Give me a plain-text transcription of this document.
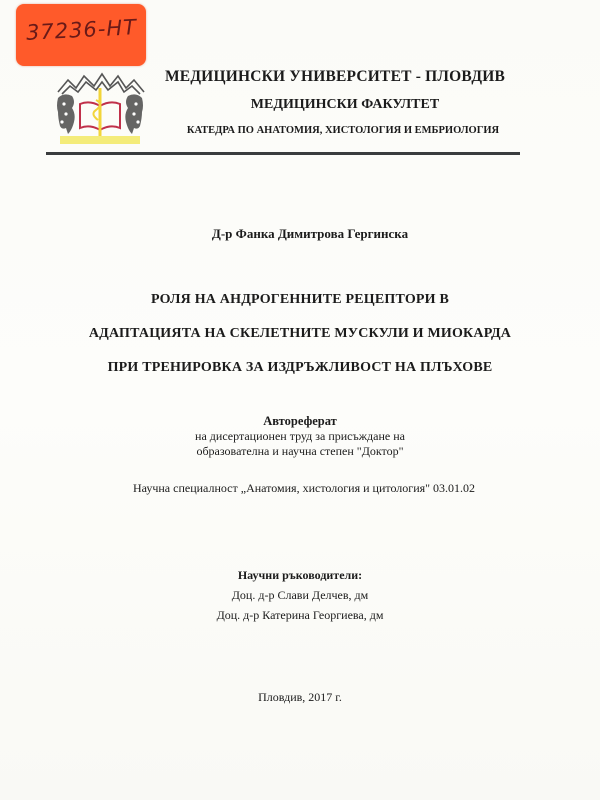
37236-НТ
МЕДИЦИНСКИ УНИВЕРСИТЕТ - ПЛОВДИВ
МЕДИЦИНСКИ ФАКУЛТЕТ
КАТЕДРА ПО АНАТОМИЯ, ХИСТОЛОГИЯ И ЕМБРИОЛОГИЯ
Д-р Фанка Димитрова Гергинска
РОЛЯ НА АНДРОГЕННИТЕ РЕЦЕПТОРИ В
АДАПТАЦИЯТА НА СКЕЛЕТНИТЕ МУСКУЛИ И МИОКАРДА
ПРИ ТРЕНИРОВКА ЗА ИЗДРЪЖЛИВОСТ НА ПЛЪХОВЕ
Автореферат
на дисертационен труд за присъждане на
образователна и научна степен "Доктор"
Научна специалност „Анатомия, хистология и цитология" 03.01.02
Научни ръководители:
Доц. д-р Слави Делчев, дм
Доц. д-р Катерина Георгиева, дм
Пловдив, 2017 г.
